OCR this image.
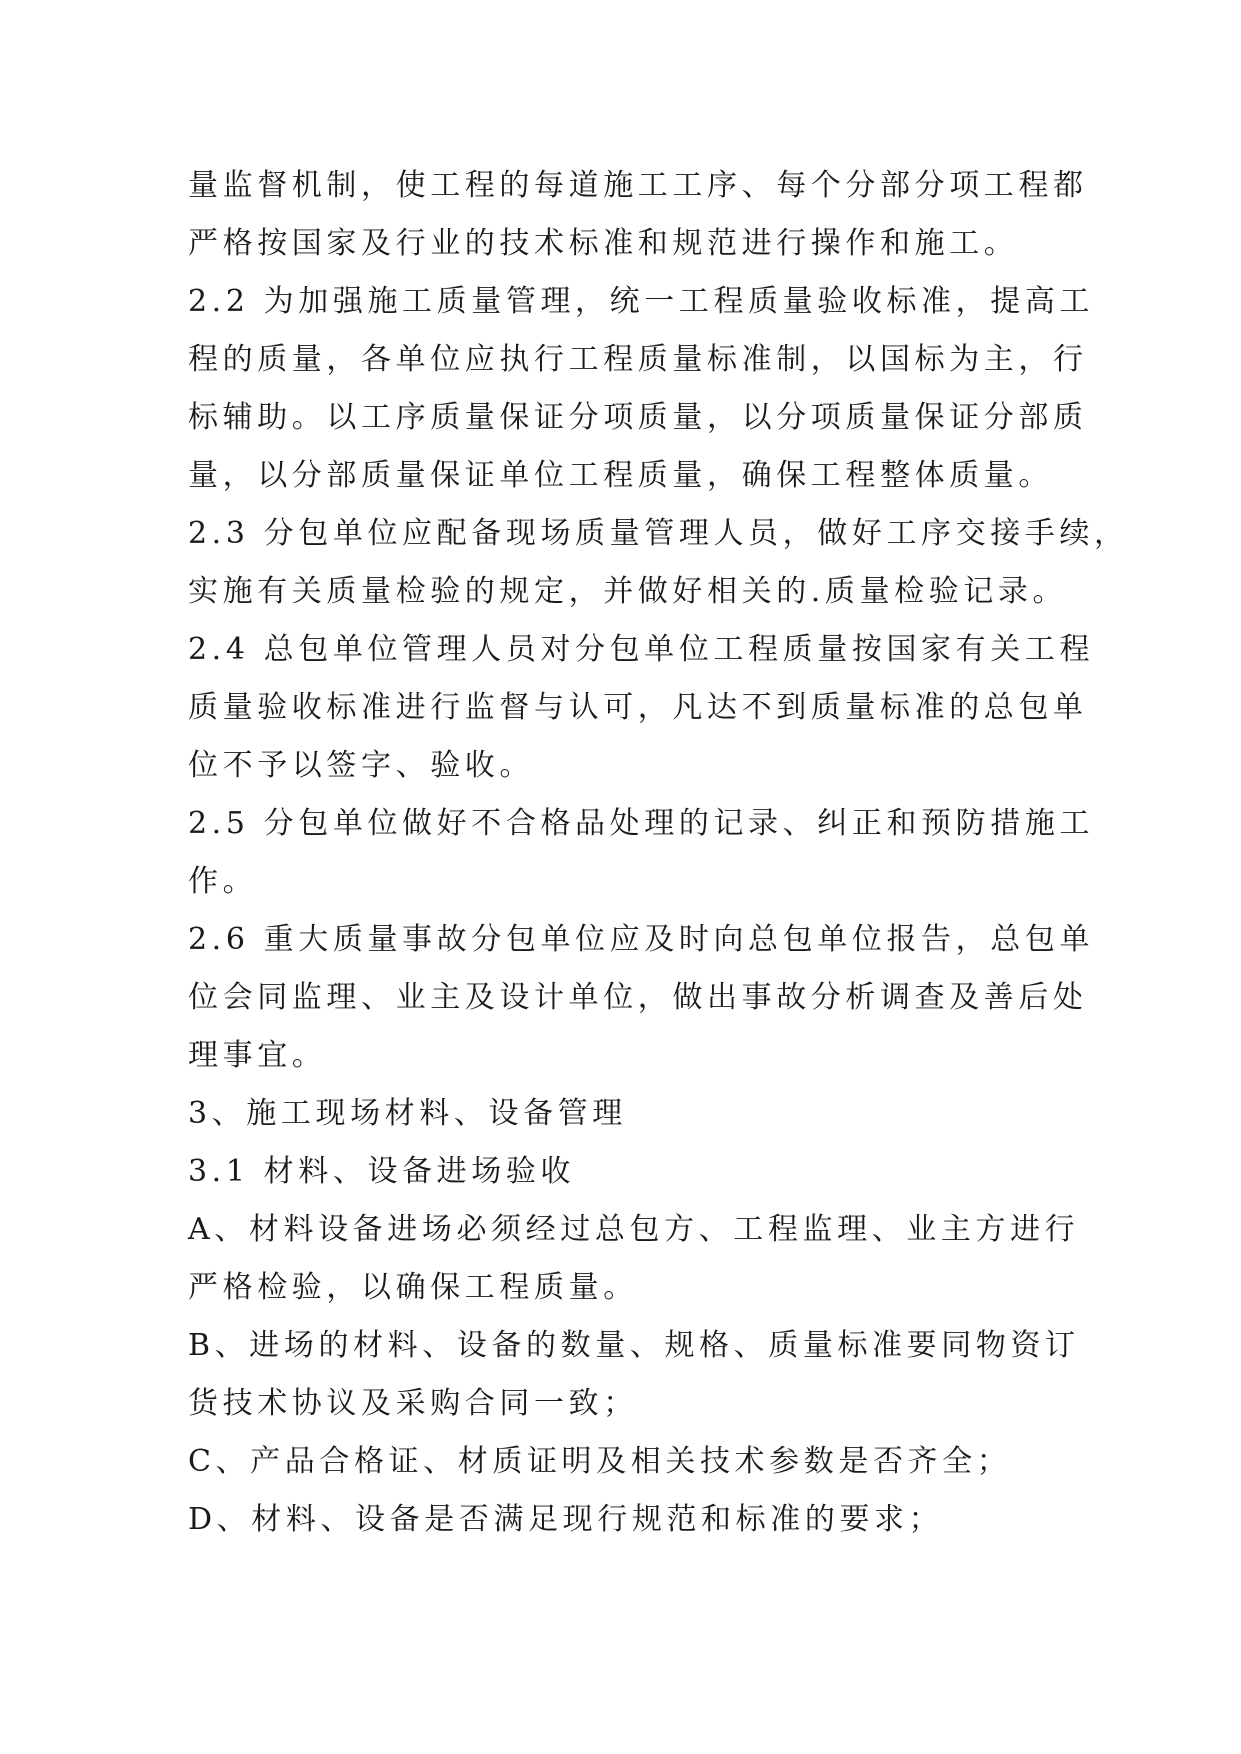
量监督机制，使工程的每道施工工序、每个分部分项工程都
严格按国家及行业的技术标准和规范进行操作和施工。
2.2 为加强施工质量管理，统一工程质量验收标准，提高工
程的质量，各单位应执行工程质量标准制，以国标为主，行
标辅助。以工序质量保证分项质量，以分项质量保证分部质
量，以分部质量保证单位工程质量，确保工程整体质量。
2.3 分包单位应配备现场质量管理人员，做好工序交接手续，
实施有关质量检验的规定，并做好相关的.质量检验记录。
2.4 总包单位管理人员对分包单位工程质量按国家有关工程
质量验收标准进行监督与认可，凡达不到质量标准的总包单
位不予以签字、验收。
2.5 分包单位做好不合格品处理的记录、纠正和预防措施工
作。
2.6 重大质量事故分包单位应及时向总包单位报告，总包单
位会同监理、业主及设计单位，做出事故分析调查及善后处
理事宜。
3、施工现场材料、设备管理
3.1 材料、设备进场验收
A、材料设备进场必须经过总包方、工程监理、业主方进行
严格检验，以确保工程质量。
B、进场的材料、设备的数量、规格、质量标准要同物资订
货技术协议及采购合同一致；
C、产品合格证、材质证明及相关技术参数是否齐全；
D、材料、设备是否满足现行规范和标准的要求；
